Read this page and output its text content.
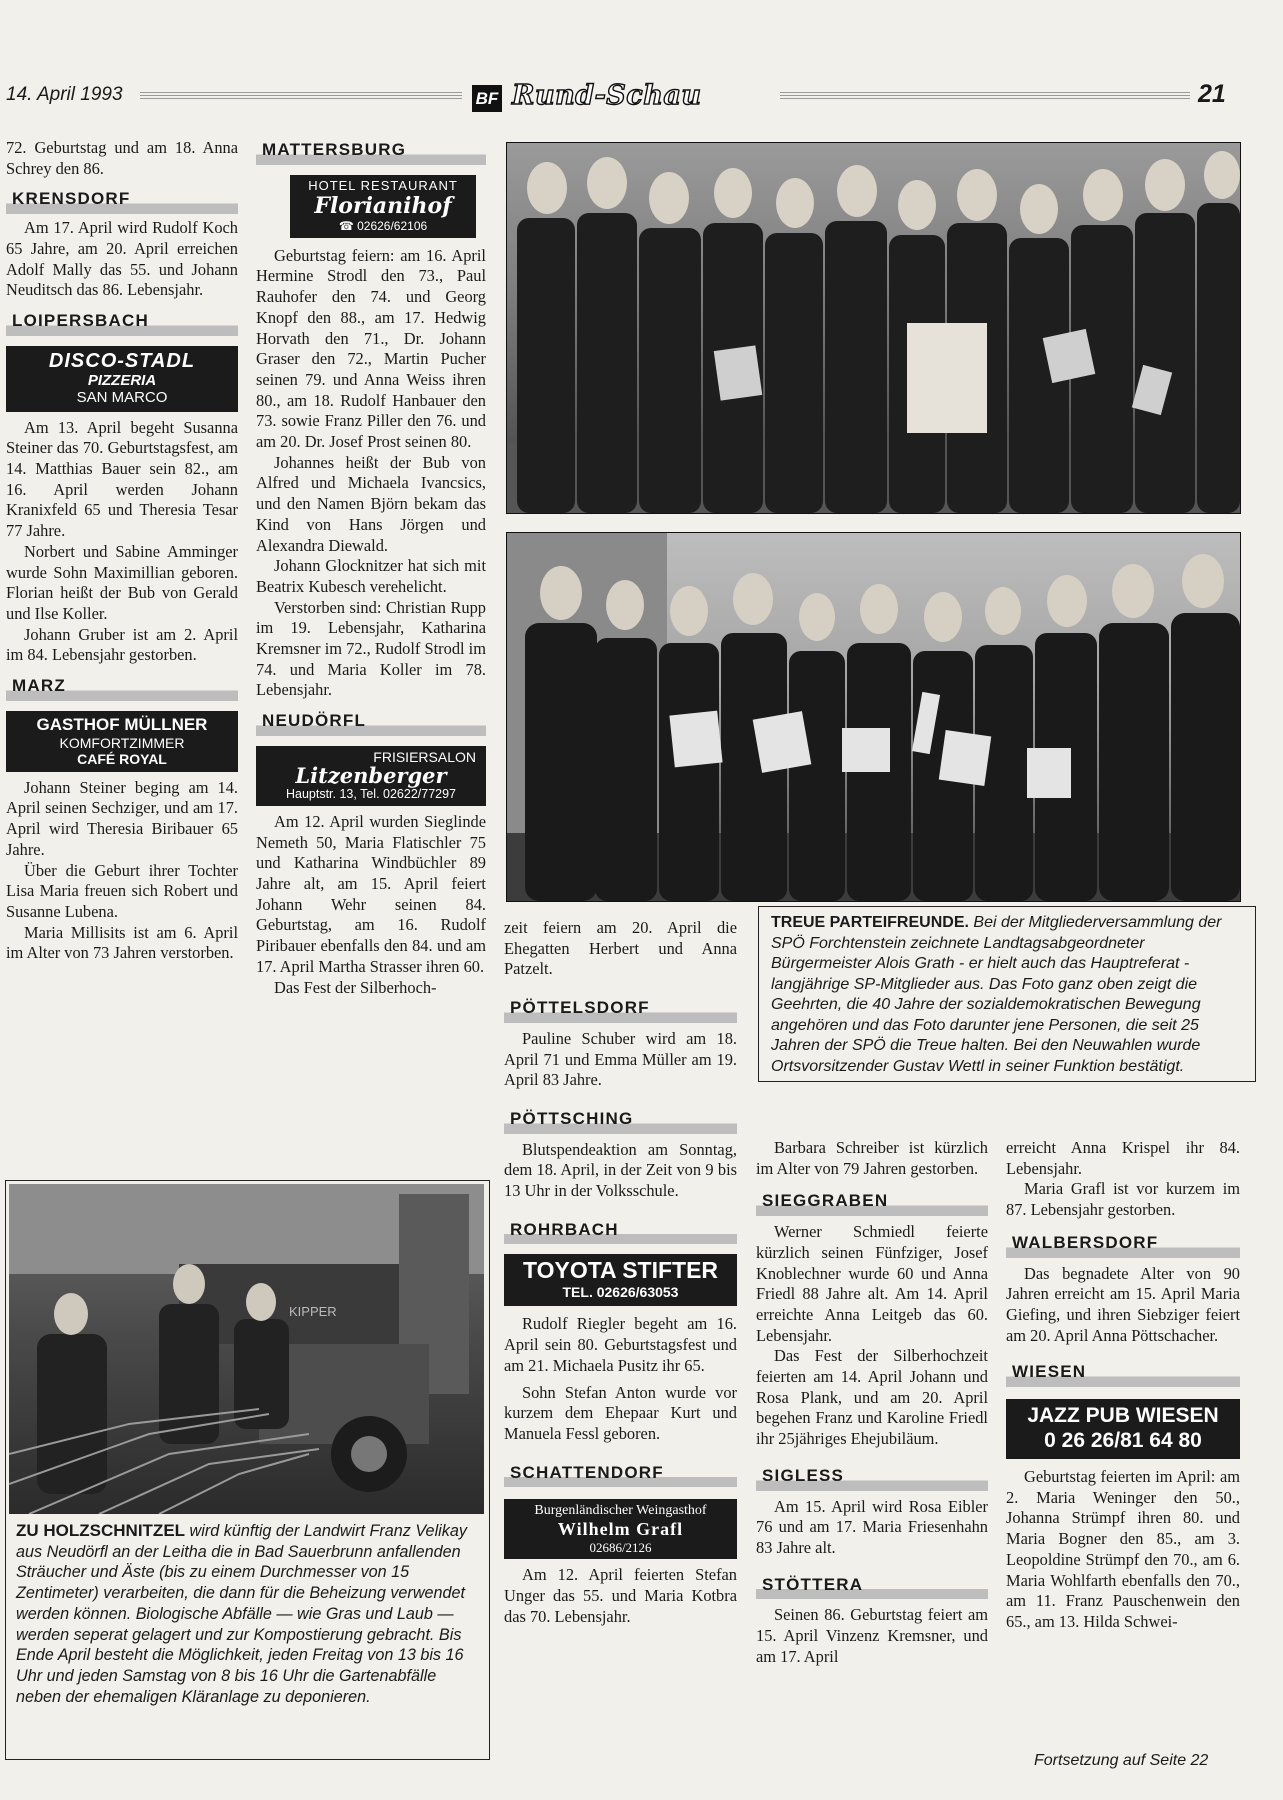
14. April 1993	BF Rund-Schau	21

72. Geburtstag und am 18. Anna Schrey den 86.

KRENSDORF

Am 17. April wird Rudolf Koch 65 Jahre, am 20. April erreichen Adolf Mally das 55. und Johann Neuditsch das 86. Lebensjahr.

LOIPERSBACH
DISCO-STADL
PIZZERIA
SAN MARCO

Am 13. April begeht Susanna Steiner das 70. Geburtstagsfest, am 14. Matthias Bauer sein 82., am 16. April werden Johann Kranixfeld 65 und Theresia Tesar 77 Jahre.

Norbert und Sabine Amminger wurde Sohn Maximillian geboren. Florian heißt der Bub von Gerald und Ilse Koller.

Johann Gruber ist am 2. April im 84. Lebensjahr gestorben.

MARZ
GASTHOF MÜLLNER
KOMFORTZIMMER
CAFÉ ROYAL

Johann Steiner beging am 14. April seinen Sechziger, und am 17. April wird Theresia Biribauer 65 Jahre.

Über die Geburt ihrer Tochter Lisa Maria freuen sich Robert und Susanne Lubena.

Maria Millisits ist am 6. April im Alter von 73 Jahren verstorben.

MATTERSBURG
HOTEL RESTAURANT
Florianihof
☎ 02626/62106

Geburtstag feiern: am 16. April Hermine Strodl den 73., Paul Rauhofer den 74. und Georg Knopf den 88., am 17. Hedwig Horvath den 71., Dr. Johann Graser den 72., Martin Pucher seinen 79. und Anna Weiss ihren 80., am 18. Rudolf Hanbauer den 73. sowie Franz Piller den 76. und am 20. Dr. Josef Prost seinen 80.

Johannes heißt der Bub von Alfred und Michaela Ivancsics, und den Namen Björn bekam das Kind von Hans Jörgen und Alexandra Diewald.

Johann Glocknitzer hat sich mit Beatrix Kubesch verehelicht.

Verstorben sind: Christian Rupp im 19. Lebensjahr, Katharina Kremsner im 72., Rudolf Strodl im 74. und Maria Koller im 78. Lebensjahr.

NEUDÖRFL
FRISIERSALON
Litzenberger
Hauptstr. 13, Tel. 02622/77297

Am 12. April wurden Sieglinde Nemeth 50, Maria Flatischler 75 und Katharina Windbüchler 89 Jahre alt, am 15. April feiert Johann Wehr seinen 84. Geburtstag, am 16. Rudolf Piribauer ebenfalls den 84. und am 17. April Martha Strasser ihren 60.

Das Fest der Silberhoch-

TREUE PARTEIFREUNDE. Bei der Mitgliederversammlung der SPÖ Forchtenstein zeichnete Landtagsabgeordneter Bürgermeister Alois Grath - er hielt auch das Hauptreferat - langjährige SP-Mitglieder aus. Das Foto ganz oben zeigt die Geehrten, die 40 Jahre der sozialdemokratischen Bewegung angehören und das Foto darunter jene Personen, die seit 25 Jahren der SPÖ die Treue halten. Bei den Neuwahlen wurde Ortsvorsitzender Gustav Wettl in seiner Funktion bestätigt.

zeit feiern am 20. April die Ehegatten Herbert und Anna Patzelt.

PÖTTELSDORF

Pauline Schuber wird am 18. April 71 und Emma Müller am 19. April 83 Jahre.

PÖTTSCHING

Blutspendeaktion am Sonntag, dem 18. April, in der Zeit von 9 bis 13 Uhr in der Volksschule.

ROHRBACH
TOYOTA STIFTER
TEL. 02626/63053

Rudolf Riegler begeht am 16. April sein 80. Geburtstagsfest und am 21. Michaela Pusitz ihr 65.

Sohn Stefan Anton wurde vor kurzem dem Ehepaar Kurt und Manuela Fessl geboren.

SCHATTENDORF
Burgenländischer Weingasthof
Wilhelm Grafl
02686/2126

Am 12. April feierten Stefan Unger das 55. und Maria Kotbra das 70. Lebensjahr.

Barbara Schreiber ist kürzlich im Alter von 79 Jahren gestorben.

SIEGGRABEN

Werner Schmiedl feierte kürzlich seinen Fünfziger, Josef Knoblechner wurde 60 und Anna Friedl 88 Jahre alt. Am 14. April erreichte Anna Leitgeb das 60. Lebensjahr.

Das Fest der Silberhochzeit feierten am 14. April Johann und Rosa Plank, und am 20. April begehen Franz und Karoline Friedl ihr 25jähriges Ehejubiläum.

SIGLESS

Am 15. April wird Rosa Eibler 76 und am 17. Maria Friesenhahn 83 Jahre alt.

STÖTTERA

Seinen 86. Geburtstag feiert am 15. April Vinzenz Kremsner, und am 17. April

erreicht Anna Krispel ihr 84. Lebensjahr.

Maria Grafl ist vor kurzem im 87. Lebensjahr gestorben.

WALBERSDORF

Das begnadete Alter von 90 Jahren erreicht am 15. April Maria Giefing, und ihren Siebziger feiert am 20. April Anna Pöttschacher.

WIESEN
JAZZ PUB WIESEN
0 26 26/81 64 80

Geburtstag feierten im April: am 2. Maria Weninger den 50., Johanna Strümpf ihren 80. und Maria Bogner den 85., am 3. Leopoldine Strümpf den 70., am 6. Maria Wohlfarth ebenfalls den 70., am 11. Franz Pauschenwein den 65., am 13. Hilda Schwei-

Fortsetzung auf Seite 22
KIPPER
ZU HOLZSCHNITZEL wird künftig der Landwirt Franz Velikay aus Neudörfl an der Leitha die in Bad Sauerbrunn anfallenden Sträucher und Äste (bis zu einem Durchmesser von 15 Zentimeter) verarbeiten, die dann für die Beheizung verwendet werden können. Biologische Abfälle — wie Gras und Laub — werden seperat gelagert und zur Kompostierung gebracht. Bis Ende April besteht die Möglichkeit, jeden Freitag von 13 bis 16 Uhr und jeden Samstag von 8 bis 16 Uhr die Gartenabfälle neben der ehemaligen Kläranlage zu deponieren.
